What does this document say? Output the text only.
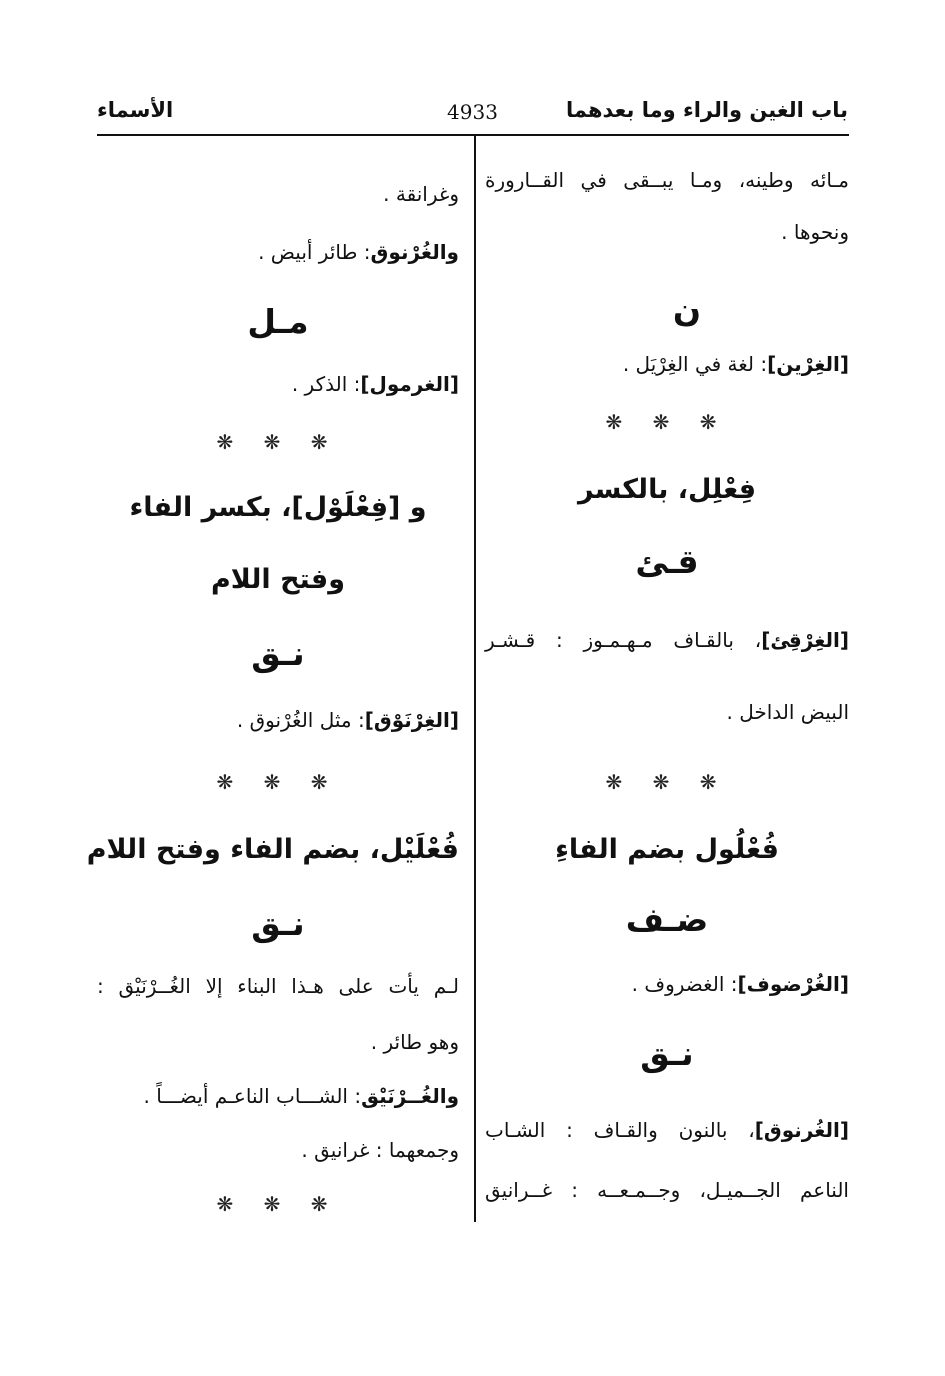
باب الغين والراء وما بعدهما
4933
الأسماء
مـائه وطينه، ومـا يبــقى في القــارورة
ونحوها .
ن
[الغِرْين]: لغة في الغِرْيَل .
❋ ❋ ❋
فِعْلِل، بالكسر
قـئ
[الغِرْقِئ]، بالقـاف مـهـمـوز : قـشـر
البيض الداخل .
❋ ❋ ❋
فُعْلُول بضم الفاءِ
ضـف
[الغُرْضوف]: الغضروف .
نـق
[الغُرنوق]، بالنون والقـاف : الشـاب
الناعم الجــميـل، وجــمـعــه : غــرانيق
وغرانقة .
والغُرْنوق: طائر أبيض .
مـل
[الغرمول]: الذكر .
❋ ❋ ❋
و [فِعْلَوْل]، بكسر الفاء
وفتح اللام
نـق
[الغِرْنَوْق]: مثل الغُرْنوق .
❋ ❋ ❋
فُعْلَيْل، بضم الفاء وفتح اللام
نـق
لـم يأت على هـذا البناء إلا الغُــرْنَيْق :
وهو طائر .
والغُــرْنَيْق: الشـــاب الناعـم أيضـــاً .
وجمعهما : غرانيق .
❋ ❋ ❋
